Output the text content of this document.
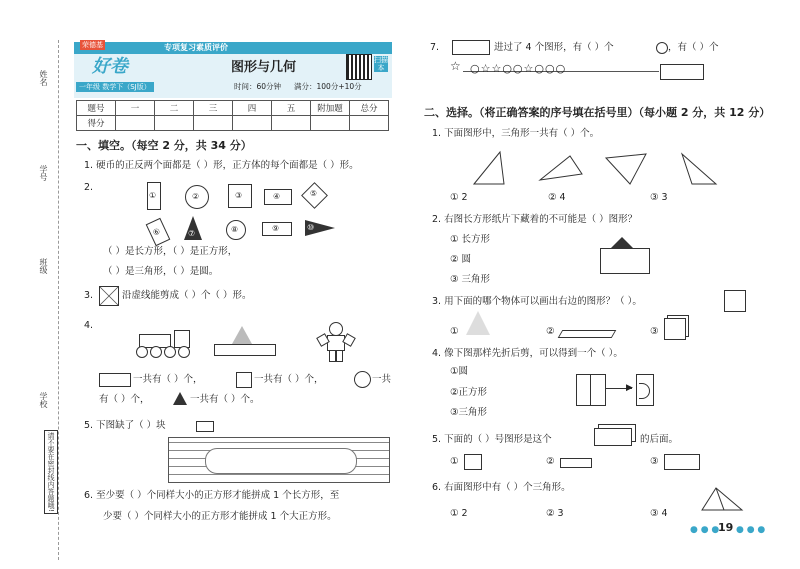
姓名
学号
班级
学校
请不要在密封线内答题哦!
荣德基	专项复习素质评价
好卷
一年级 数学下（SJ版）
图形与几何
时间：60分钟 满分：100分+10分
扫描本
题号	一	二	三	四	五	附加题	总分
得分							
一、填空。（每空 2 分，共 34 分）
1. 硬币的正反两个面都是（ ）形，正方体的每个面都是（ ）形。
2.
①	②	③	④	⑤
⑥	⑦	⑧	⑨	⑩
（ ）是长方形，（ ）是正方形，
（ ）是三角形，（ ）是圆。
3.	沿虚线能剪成（ ）个（ ）形。
4.
一共有（ ）个，	一共有（ ）个，	一共
有（ ）个，	一共有（ ）个。
5. 下图缺了（ ）块
6. 至少要（ ）个同样大小的正方形才能拼成 1 个长方形，至
少要（ ）个同样大小的正方形才能拼成 1 个大正方形。
7.	进过了 4 个图形，有（ ）个	，有（ ）个
☆ ○☆☆○○☆○○○
二、选择。（将正确答案的序号填在括号里）（每小题 2 分，共 12 分）
1. 下面图形中，三角形一共有（ ）个。
① 2	② 4	③ 3
2. 右图长方形纸片下藏着的不可能是（ ）图形？
① 长方形
② 圆
③ 三角形
3. 用下面的哪个物体可以画出右边的图形？（ ）。
①	②	③
4. 像下图那样先折后剪，可以得到一个（ ）。
①圆
②正方形
③三角形
▶
5. 下面的（ ）号图形是这个	的后面。
①	②	③
6. 右面图形中有（ ）个三角形。
① 2	② 3	③ 4
● ● ●
19 ● ● ●
